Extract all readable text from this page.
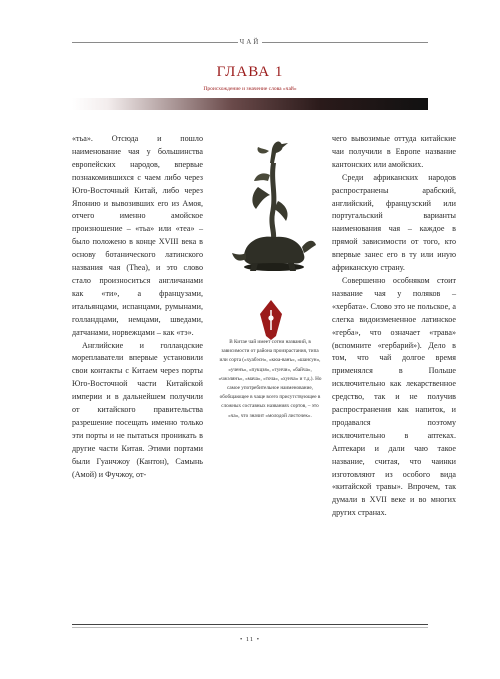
ЧАЙ
ГЛАВА 1
Происхождение и значение слова «чай»

«тьа». Отсюда и пошло наименование чая у большинства европейских народов, впервые познакомившихся с чаем либо через Юго-Восточный Китай, либо через Японию и вывозивших его из Амоя, отчего именно амойское произношение – «тьа» или «теа» – было положено в конце XVIII века в основу ботанического латинского названия чая (Thea), и это слово стало произноситься англичанами как «ти», а французами, итальянцами, испанцами, румынами, голландцами, немцами, шведами, датчанами, норвежцами – как «тэ».

Английские и голландские мореплаватели впервые установили свои контакты с Китаем через порты Юго-Восточной части Китайской империи и в дальнейшем получили от китайского правительства разрешение посещать именно только эти порты и не пытаться проникать в другие части Китая. Этими портами были Гуанчжоу (Кантон), Самынь (Амой) и Фучжоу, от-

В Китае чай имеет сотни названий, в зависимости от района произрастания, типа или сорта («хуабэсн», «кюа-ванъ», «шансун», «ученъ», «пукцзя», «тунчи», «байча», «чжэлянъ», «мача», «точа», «хунча» и т.д.). Но самое употребительное наименование, обобщающее в чаще всего присутствующее в сложных составных названиях сортов, – это «ча», что значит «молодой листочек».

чего вывозимые оттуда китайские чаи получили в Европе название кантонских или амойских.

Среди африканских народов распространены арабский, английский, французский или португальский варианты наименования чая – каждое в прямой зависимости от того, кто впервые занес его в ту или иную африканскую страну.

Совершенно особняком стоит название чая у поляков – «хербата». Слово это не польское, а слегка видоизмененное латинское «герба», что означает «трава» (вспомните «гербарий»). Дело в том, что чай долгое время применялся в Польше исключительно как лекарственное средство, так и не получив распространения как напиток, и продавался поэтому исключительно в аптеках. Аптекари и дали чаю такое название, считая, что чаинки изготовляют из особого вида «китайской травы». Впрочем, так думали в XVII веке и во многих других странах.

• 11 •
